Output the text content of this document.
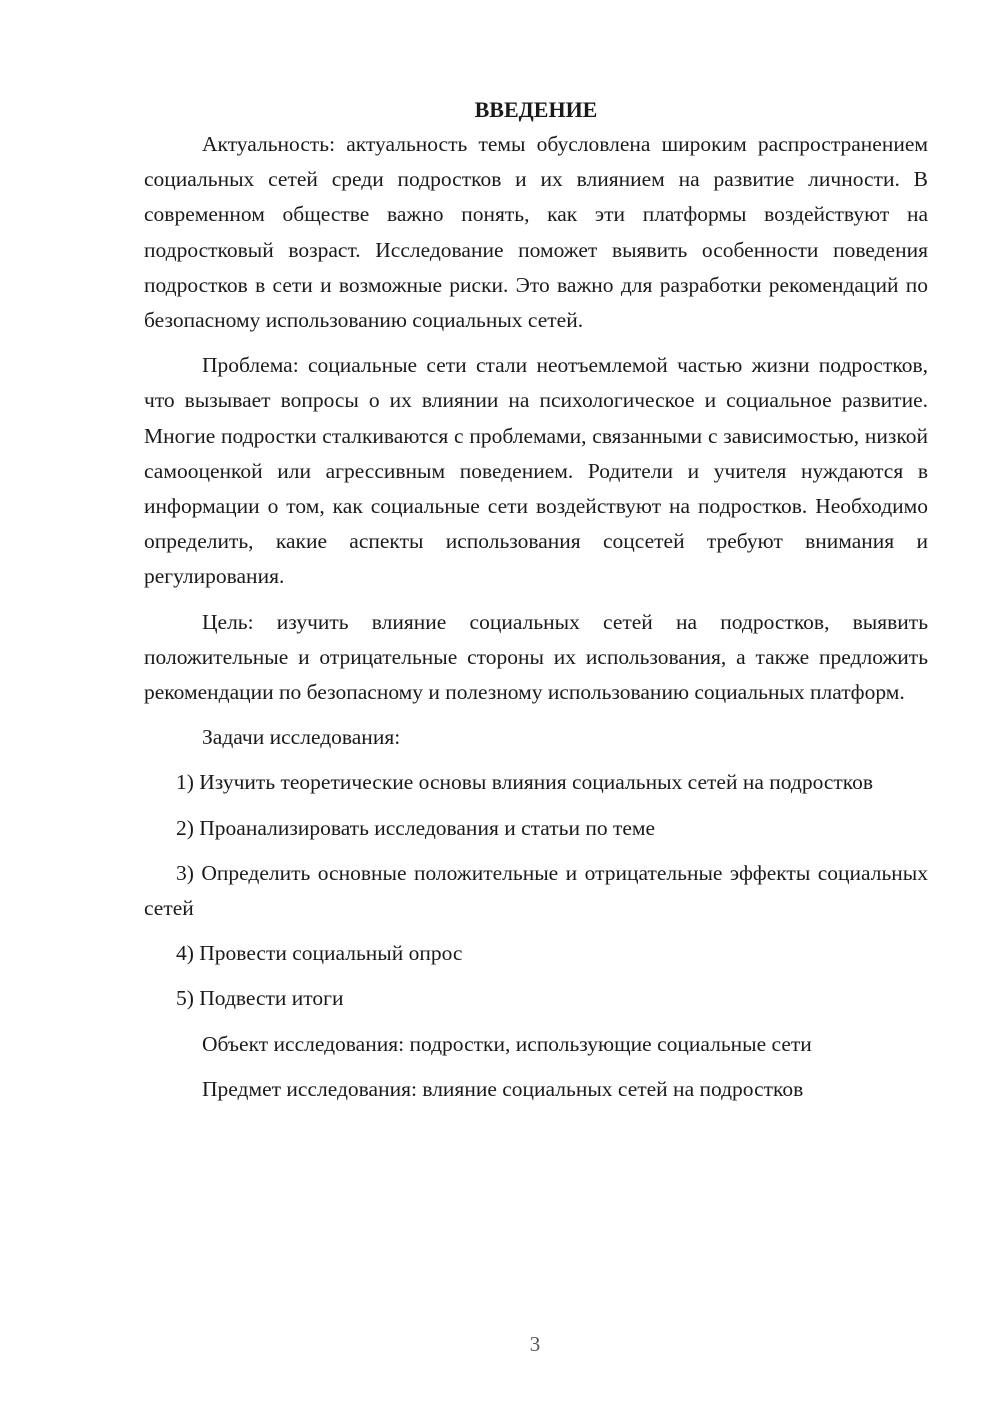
ВВЕДЕНИЕ

Актуальность: актуальность темы обусловлена широким распространением социальных сетей среди подростков и их влиянием на развитие личности. В современном обществе важно понять, как эти платформы воздействуют на подростковый возраст. Исследование поможет выявить особенности поведения подростков в сети и возможные риски. Это важно для разработки рекомендаций по безопасному использованию социальных сетей.

Проблема: социальные сети стали неотъемлемой частью жизни подростков, что вызывает вопросы о их влиянии на психологическое и социальное развитие. Многие подростки сталкиваются с проблемами, связанными с зависимостью, низкой самооценкой или агрессивным поведением. Родители и учителя нуждаются в информации о том, как социальные сети воздействуют на подростков. Необходимо определить, какие аспекты использования соцсетей требуют внимания и регулирования.

Цель: изучить влияние социальных сетей на подростков, выявить положительные и отрицательные стороны их использования, а также предложить рекомендации по безопасному и полезному использованию социальных платформ.

Задачи исследования:

1) Изучить теоретические основы влияния социальных сетей на подростков

2) Проанализировать исследования и статьи по теме

3) Определить основные положительные и отрицательные эффекты социальных сетей

4) Провести социальный опрос

5) Подвести итоги

Объект исследования: подростки, использующие социальные сети

Предмет исследования: влияние социальных сетей на подростков

3
